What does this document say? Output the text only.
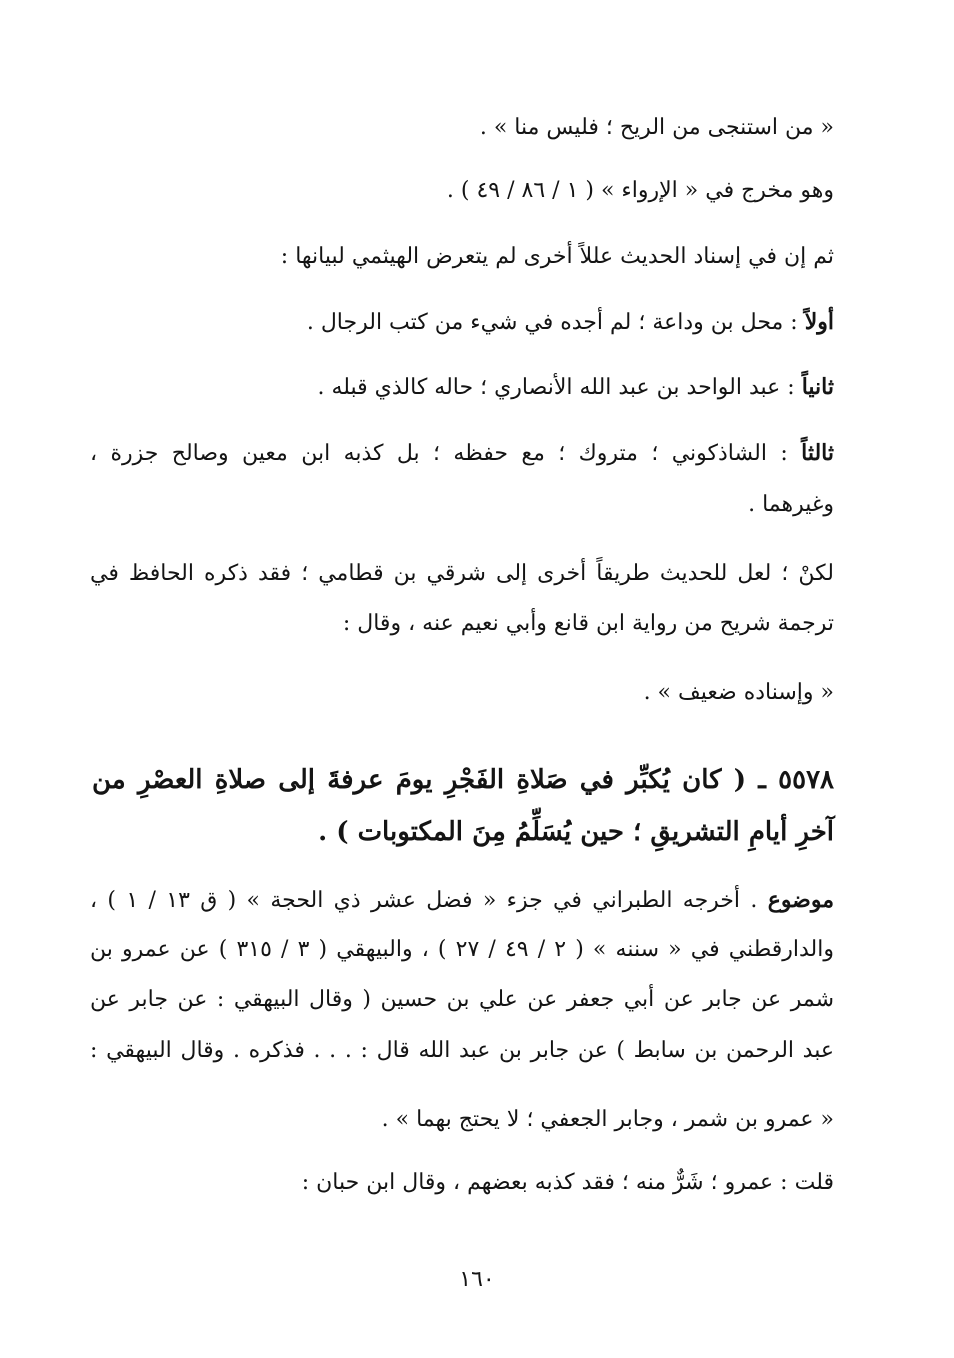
« من استنجى من الريح ؛ فليس منا » .
وهو مخرج في « الإرواء » ( ١ / ٨٦ / ٤٩ ) .
ثم إن في إسناد الحديث عللاً أخرى لم يتعرض الهيثمي لبيانها :
أولاً : محل بن وداعة ؛ لم أجده في شيء من كتب الرجال .
ثانياً : عبد الواحد بن عبد الله الأنصاري ؛ حاله كالذي قبله .
ثالثاً : الشاذكوني ؛ متروك ؛ مع حفظه ؛ بل كذبه ابن معين وصالح جزرة ،
وغيرهما .
لكنْ ؛ لعل للحديث طريقاً أخرى إلى شرقي بن قطامي ؛ فقد ذكره الحافظ في
ترجمة شريح من رواية ابن قانع وأبي نعيم عنه ، وقال :
« وإسناده ضعيف » .
٥٥٧٨ ـ ( كان يُكبِّر في صَلاةِ الفَجْرِ يومَ عرفةَ إلى صلاةِ العصْرِ من
آخرِ أيامِ التشريقِ ؛ حين يُسَلِّمُ مِنَ المكتوبات ) .
موضوع . أخرجه الطبراني في جزء « فضل عشر ذي الحجة » ( ق ١٣ / ١ ) ،
والدارقطني في « سننه » ( ٢ / ٤٩ / ٢٧ ) ، والبيهقي ( ٣ / ٣١٥ ) عن عمرو بن
شمر عن جابر عن أبي جعفر عن علي بن حسين ( وقال البيهقي : عن جابر عن
عبد الرحمن بن سابط ) عن جابر بن عبد الله قال : . . . فذكره . وقال البيهقي :
« عمرو بن شمر ، وجابر الجعفي ؛ لا يحتج بهما » .
قلت : عمرو ؛ شَرٌّ منه ؛ فقد كذبه بعضهم ، وقال ابن حبان :
١٦٠
